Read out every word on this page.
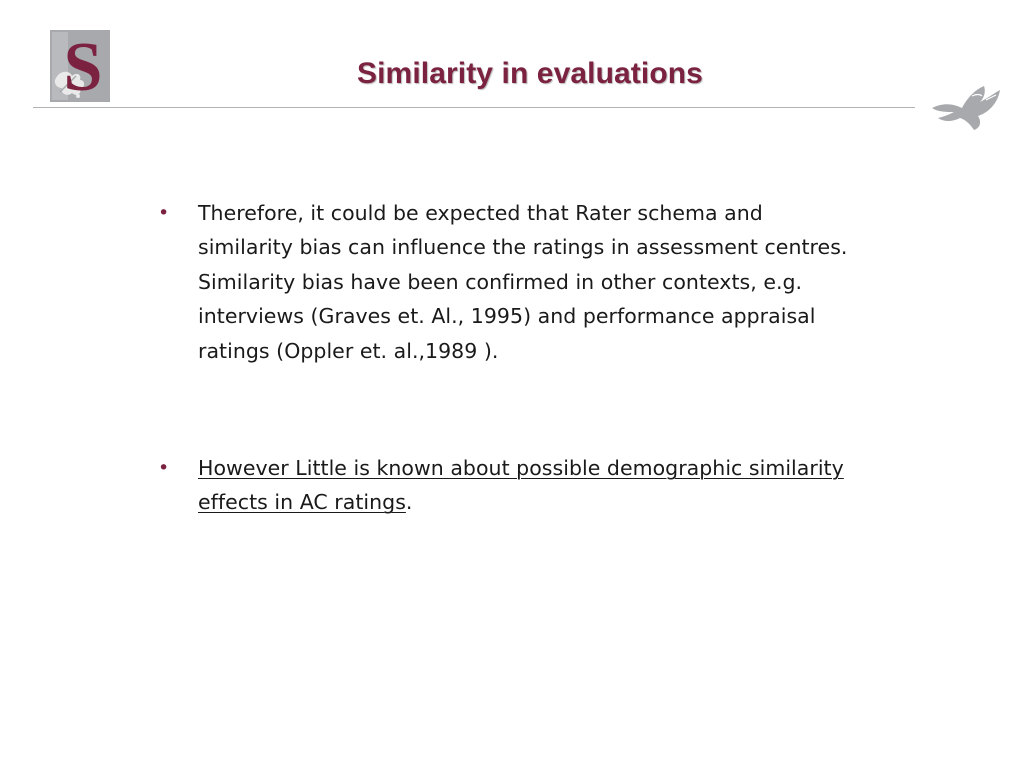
S	Similarity in evaluations
• Therefore, it could be expected that Rater schema and similarity bias can influence the ratings in assessment centres. Similarity bias have been confirmed in other contexts, e.g. interviews (Graves et. Al., 1995) and performance appraisal ratings (Oppler et. al.,1989 ).
• However Little is known about possible demographic similarity effects in AC ratings.
